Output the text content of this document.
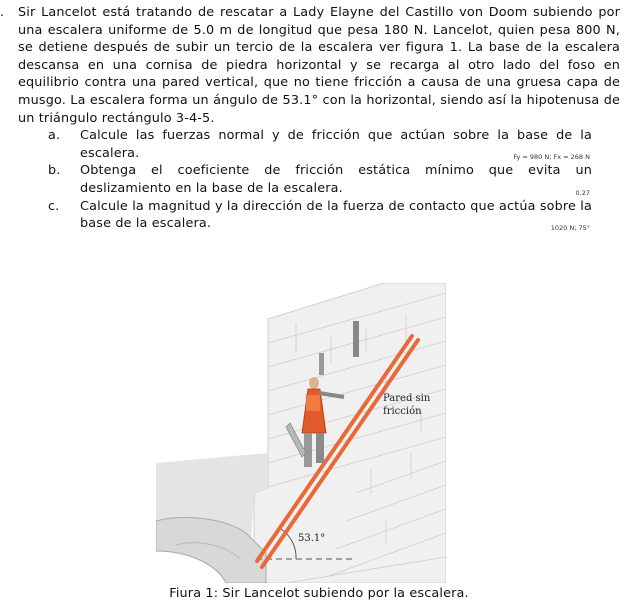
. Sir Lancelot está tratando de rescatar a Lady Elayne del Castillo von Doom subiendo por una escalera uniforme de 5.0 m de longitud que pesa 180 N. Lancelot, quien pesa 800 N, se detiene después de subir un tercio de la escalera ver figura 1. La base de la escalera descansa en una cornisa de piedra horizontal y se recarga al otro lado del foso en equilibrio contra una pared vertical, que no tiene fricción a causa de una gruesa capa de musgo. La escalera forma un ángulo de 53.1° con la horizontal, siendo así la hipotenusa de un triángulo rectángulo 3-4-5.

a. Calcule las fuerzas normal y de fricción que actúan sobre la base de la escalera.	Fy = 980 N; Fx = 268 N
b. Obtenga el coeficiente de fricción estática mínimo que evita un deslizamiento en la base de la escalera.	0.27
c. Calcule la magnitud y la dirección de la fuerza de contacto que actúa sobre la base de la escalera.	1020 N; 75°
53.1°
Pared sin
fricción
Fiura 1: Sir Lancelot subiendo por la escalera.
